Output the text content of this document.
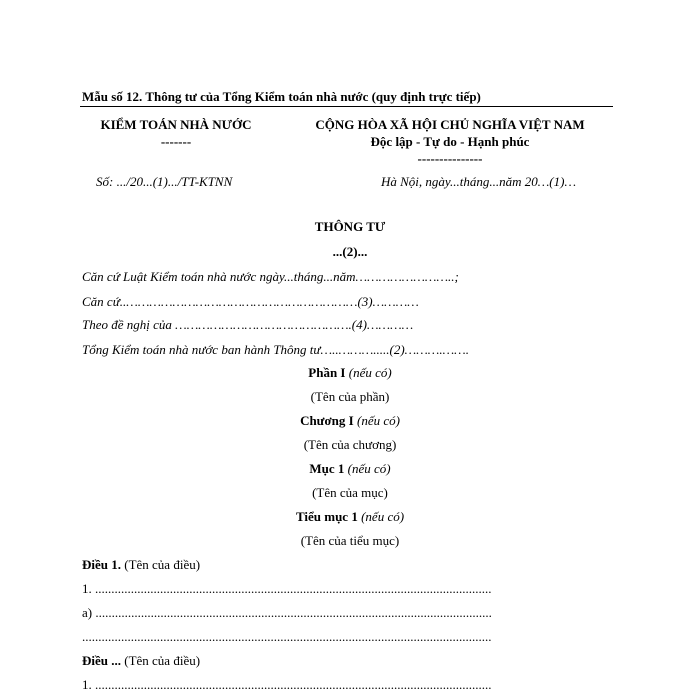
Mẫu số 12. Thông tư của Tổng Kiểm toán nhà nước (quy định trực tiếp)
KIỂM TOÁN NHÀ NƯỚC
-------
CỘNG HÒA XÃ HỘI CHỦ NGHĨA VIỆT NAM
Độc lập - Tự do - Hạnh phúc
---------------
Số: .../20...(1).../TT-KTNN	Hà Nội, ngày...tháng...năm 20…(1)…
THÔNG TƯ
...(2)...
Căn cứ Luật Kiểm toán nhà nước ngày...tháng...năm……………………..;
Căn cứ..……………………………………………………(3)…………
Theo đề nghị của ……………………………………….(4)…………
Tổng Kiểm toán nhà nước ban hành Thông tư…..……….....(2)……….…….
Phần I (nếu có)
(Tên của phần)
Chương I (nếu có)
(Tên của chương)
Mục 1 (nếu có)
(Tên của mục)
Tiểu mục 1 (nếu có)
(Tên của tiểu mục)
Điều 1. (Tên của điều)
1. ..........................................................................................................................
a) ..........................................................................................................................
..............................................................................................................................
Điều ... (Tên của điều)
1. ..........................................................................................................................
